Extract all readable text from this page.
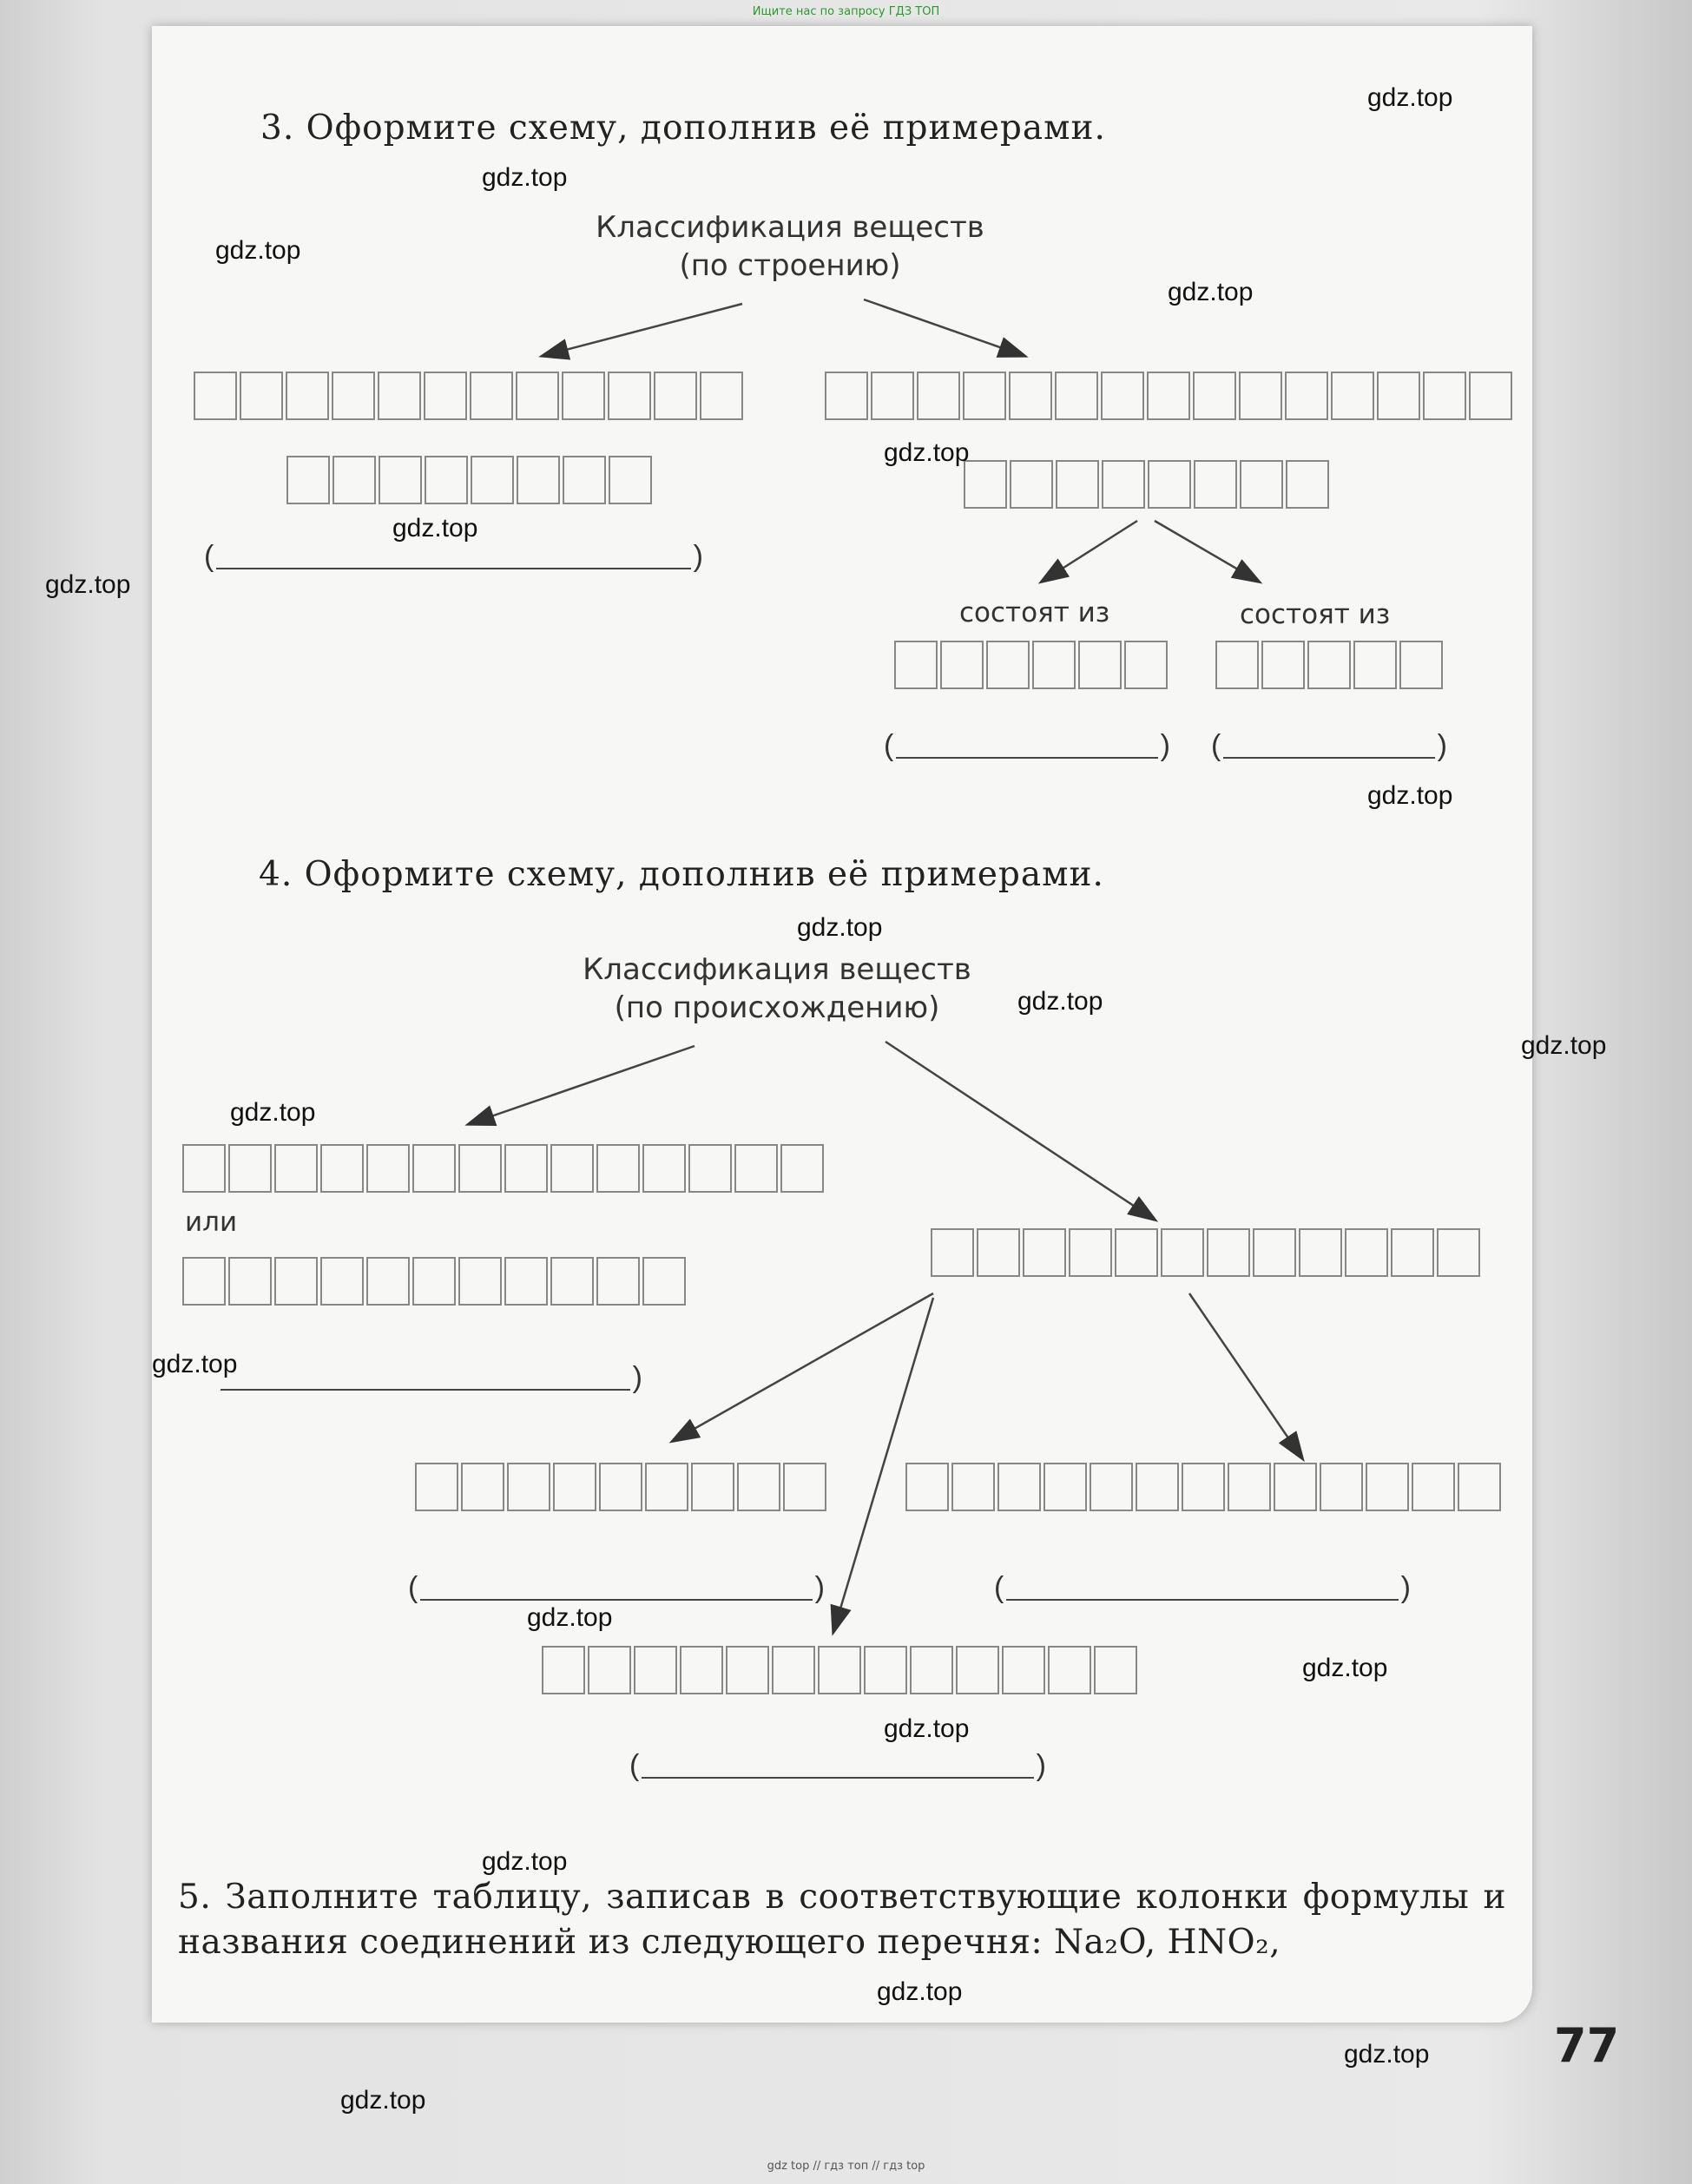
Ищите нас по запросу ГДЗ ТОП
3. Оформите схему, дополнив её примерами.
Классификация веществ
(по строению)
(	)
состоят из	состоят из
(	) (	)
4. Оформите схему, дополнив её примерами.
Классификация веществ
(по происхождению)
или
)
(	)	(	)
(	)
5. Заполните таблицу, записав в соответствующие колонки формулы и названия соединений из следующего перечня: Na₂O, HNO₂,
77
gdz top // гдз топ // гдз top
gdz.top
gdz.top
gdz.top
gdz.top
gdz.top
gdz.top
gdz.top
gdz.top
gdz.top
gdz.top
gdz.top
gdz.top
gdz.top
gdz.top
gdz.top
gdz.top
gdz.top
gdz.top
gdz.top
gdz.top
